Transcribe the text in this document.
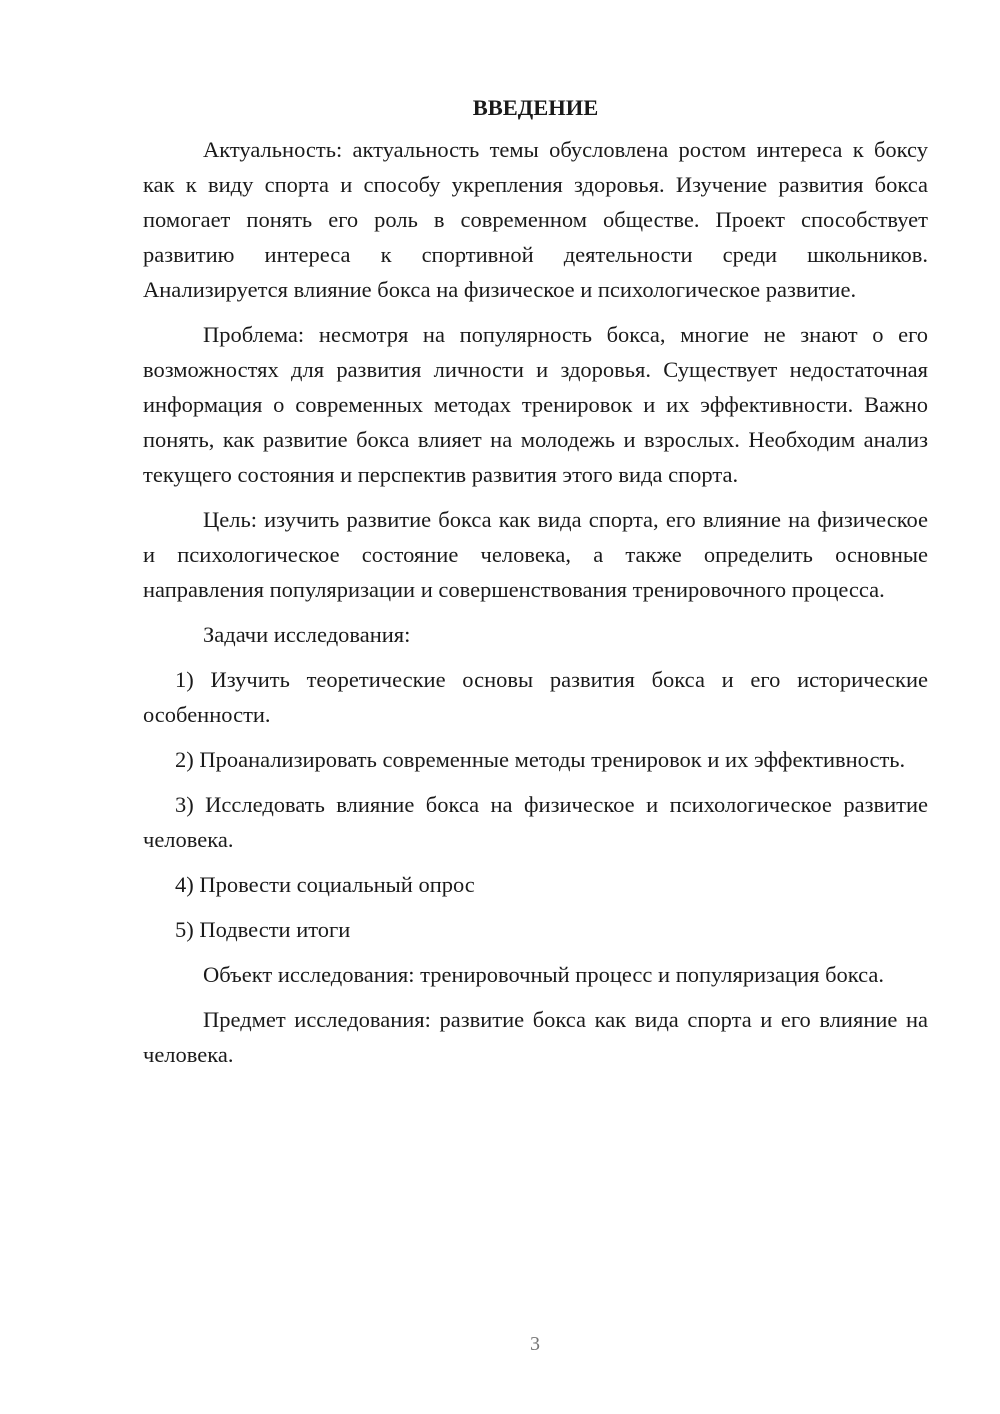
ВВЕДЕНИЕ

Актуальность: актуальность темы обусловлена ростом интереса к боксу как к виду спорта и способу укрепления здоровья. Изучение развития бокса помогает понять его роль в современном обществе. Проект способствует развитию интереса к спортивной деятельности среди школьников. Анализируется влияние бокса на физическое и психологическое развитие.

Проблема: несмотря на популярность бокса, многие не знают о его возможностях для развития личности и здоровья. Существует недостаточная информация о современных методах тренировок и их эффективности. Важно понять, как развитие бокса влияет на молодежь и взрослых. Необходим анализ текущего состояния и перспектив развития этого вида спорта.

Цель: изучить развитие бокса как вида спорта, его влияние на физическое и психологическое состояние человека, а также определить основные направления популяризации и совершенствования тренировочного процесса.

Задачи исследования:

1) Изучить теоретические основы развития бокса и его исторические особенности.

2) Проанализировать современные методы тренировок и их эффективность.

3) Исследовать влияние бокса на физическое и психологическое развитие человека.

4) Провести социальный опрос

5) Подвести итоги

Объект исследования: тренировочный процесс и популяризация бокса.

Предмет исследования: развитие бокса как вида спорта и его влияние на человека.

3
